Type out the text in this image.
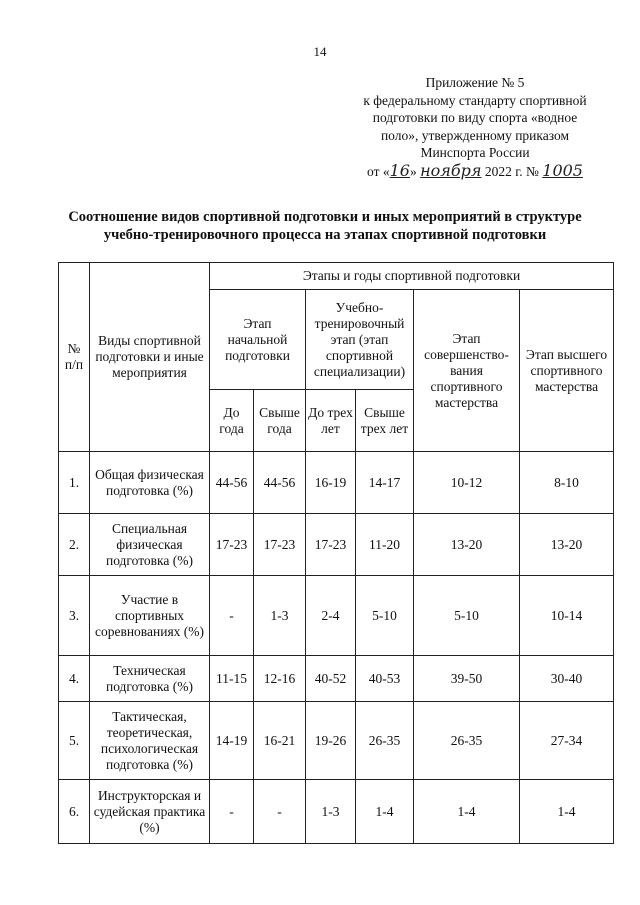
14
Приложение № 5
к федеральному стандарту спортивной
подготовки по виду спорта «водное
поло», утвержденному приказом
Минспорта России
от «16» ноября 2022 г. № 1005
Соотношение видов спортивной подготовки и иных мероприятий в структуре
учебно-тренировочного процесса на этапах спортивной подготовки
№ п/п	Виды спортивной подготовки и иные мероприятия	Этапы и годы спортивной подготовки					
		Этап начальной подготовки		Учебно-тренировочный этап (этап спортивной специализации)		Этап совершенство-вания спортивного мастерства	Этап высшего спортивного мастерства
		До года	Свыше года	До трех лет	Свыше трех лет		
1.	Общая физическая подготовка (%)	44-56	44-56	16-19	14-17	10-12	8-10
2.	Специальная физическая подготовка (%)	17-23	17-23	17-23	11-20	13-20	13-20
3.	Участие в спортивных соревнованиях (%)	-	1-3	2-4	5-10	5-10	10-14
4.	Техническая подготовка (%)	11-15	12-16	40-52	40-53	39-50	30-40
5.	Тактическая, теоретическая, психологическая подготовка (%)	14-19	16-21	19-26	26-35	26-35	27-34
6.	Инструкторская и судейская практика (%)	-	-	1-3	1-4	1-4	1-4
